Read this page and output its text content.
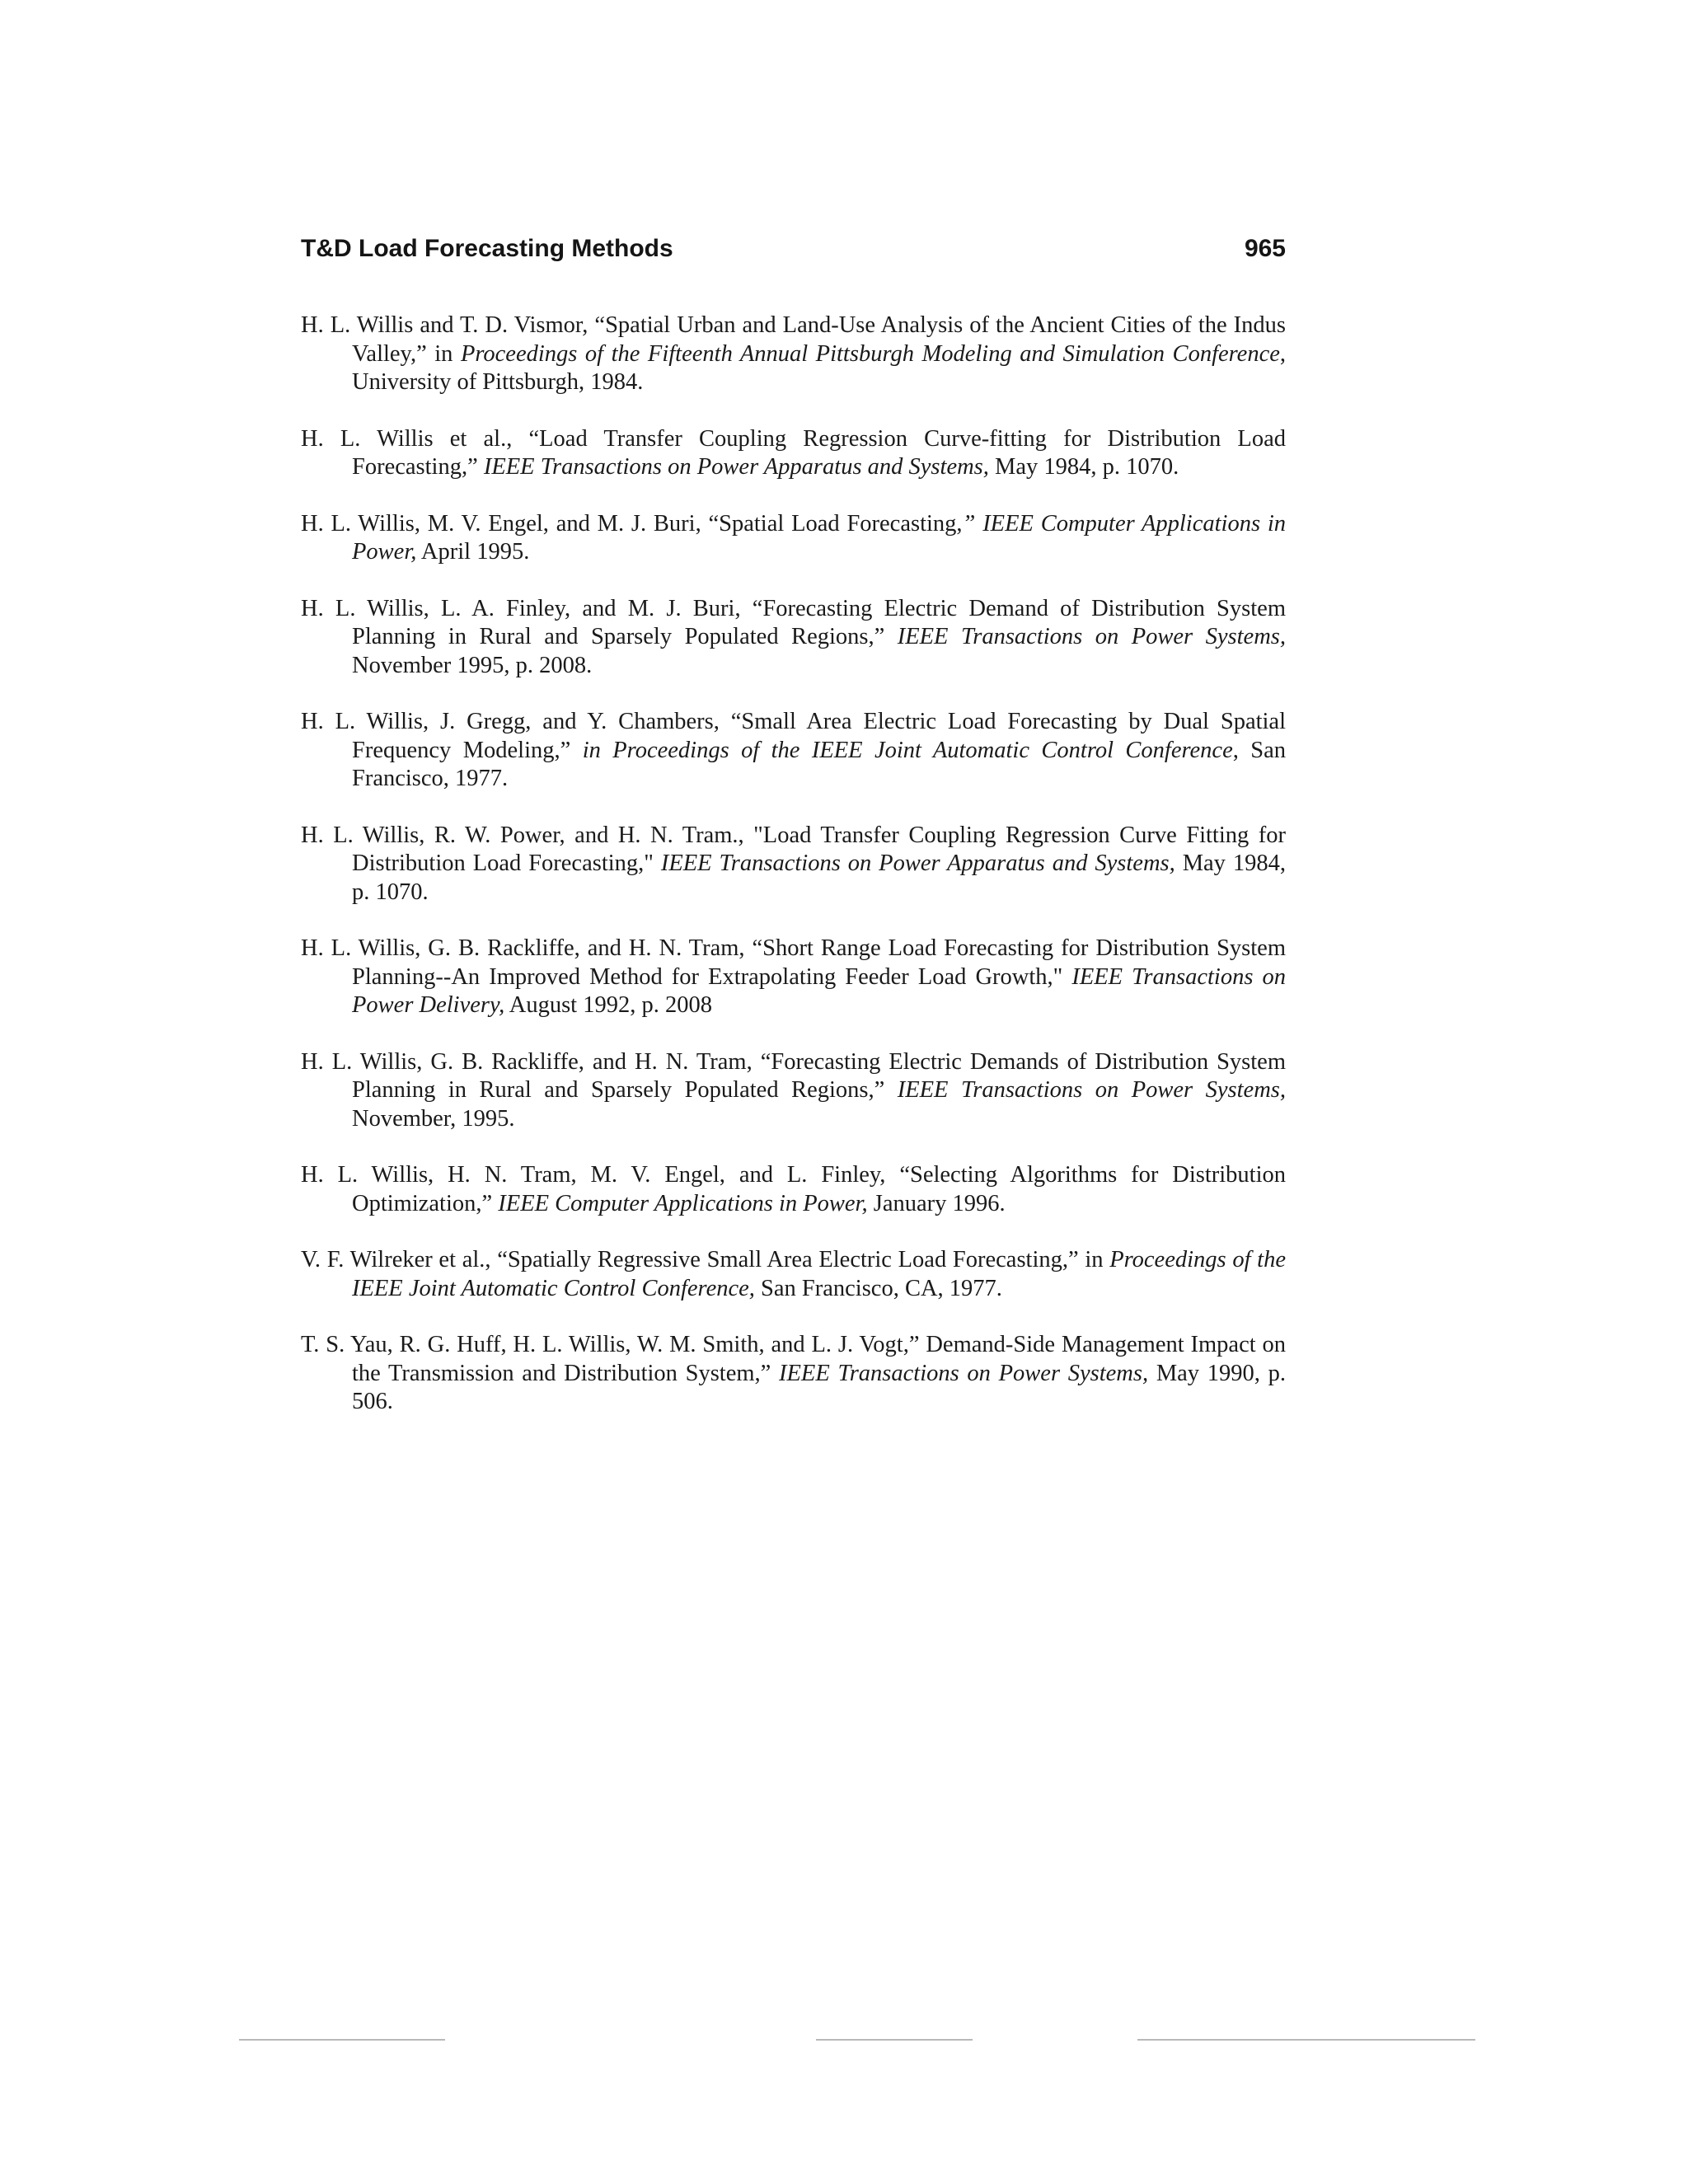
T&D Load Forecasting Methods	965
H. L. Willis and T. D. Vismor, “Spatial Urban and Land-Use Analysis of the Ancient Cities of the Indus Valley,” in Proceedings of the Fifteenth Annual Pittsburgh Modeling and Simulation Conference, University of Pittsburgh, 1984.
H. L. Willis et al., “Load Transfer Coupling Regression Curve-fitting for Distribution Load Forecasting,” IEEE Transactions on Power Apparatus and Systems, May 1984, p. 1070.
H. L. Willis, M. V. Engel, and M. J. Buri, “Spatial Load Forecasting,” IEEE Computer Applications in Power, April 1995.
H. L. Willis, L. A. Finley, and M. J. Buri, “Forecasting Electric Demand of Distribution System Planning in Rural and Sparsely Populated Regions,” IEEE Transactions on Power Systems, November 1995, p. 2008.
H. L. Willis, J. Gregg, and Y. Chambers, “Small Area Electric Load Forecasting by Dual Spatial Frequency Modeling,” in Proceedings of the IEEE Joint Automatic Control Conference, San Francisco, 1977.
H. L. Willis, R. W. Power, and H. N. Tram., "Load Transfer Coupling Regression Curve Fitting for Distribution Load Forecasting," IEEE Transactions on Power Apparatus and Systems, May 1984, p. 1070.
H. L. Willis, G. B. Rackliffe, and H. N. Tram, “Short Range Load Forecasting for Distribution System Planning--An Improved Method for Extrapolating Feeder Load Growth," IEEE Transactions on Power Delivery, August 1992, p. 2008
H. L. Willis, G. B. Rackliffe, and H. N. Tram, “Forecasting Electric Demands of Distribution System Planning in Rural and Sparsely Populated Regions,” IEEE Transactions on Power Systems, November, 1995.
H. L. Willis, H. N. Tram, M. V. Engel, and L. Finley, “Selecting Algorithms for Distribution Optimization,” IEEE Computer Applications in Power, January 1996.
V. F. Wilreker et al., “Spatially Regressive Small Area Electric Load Forecasting,” in Proceedings of the IEEE Joint Automatic Control Conference, San Francisco, CA, 1977.
T. S. Yau, R. G. Huff, H. L. Willis, W. M. Smith, and L. J. Vogt,” Demand-Side Management Impact on the Transmission and Distribution System,” IEEE Transactions on Power Systems, May 1990, p. 506.
